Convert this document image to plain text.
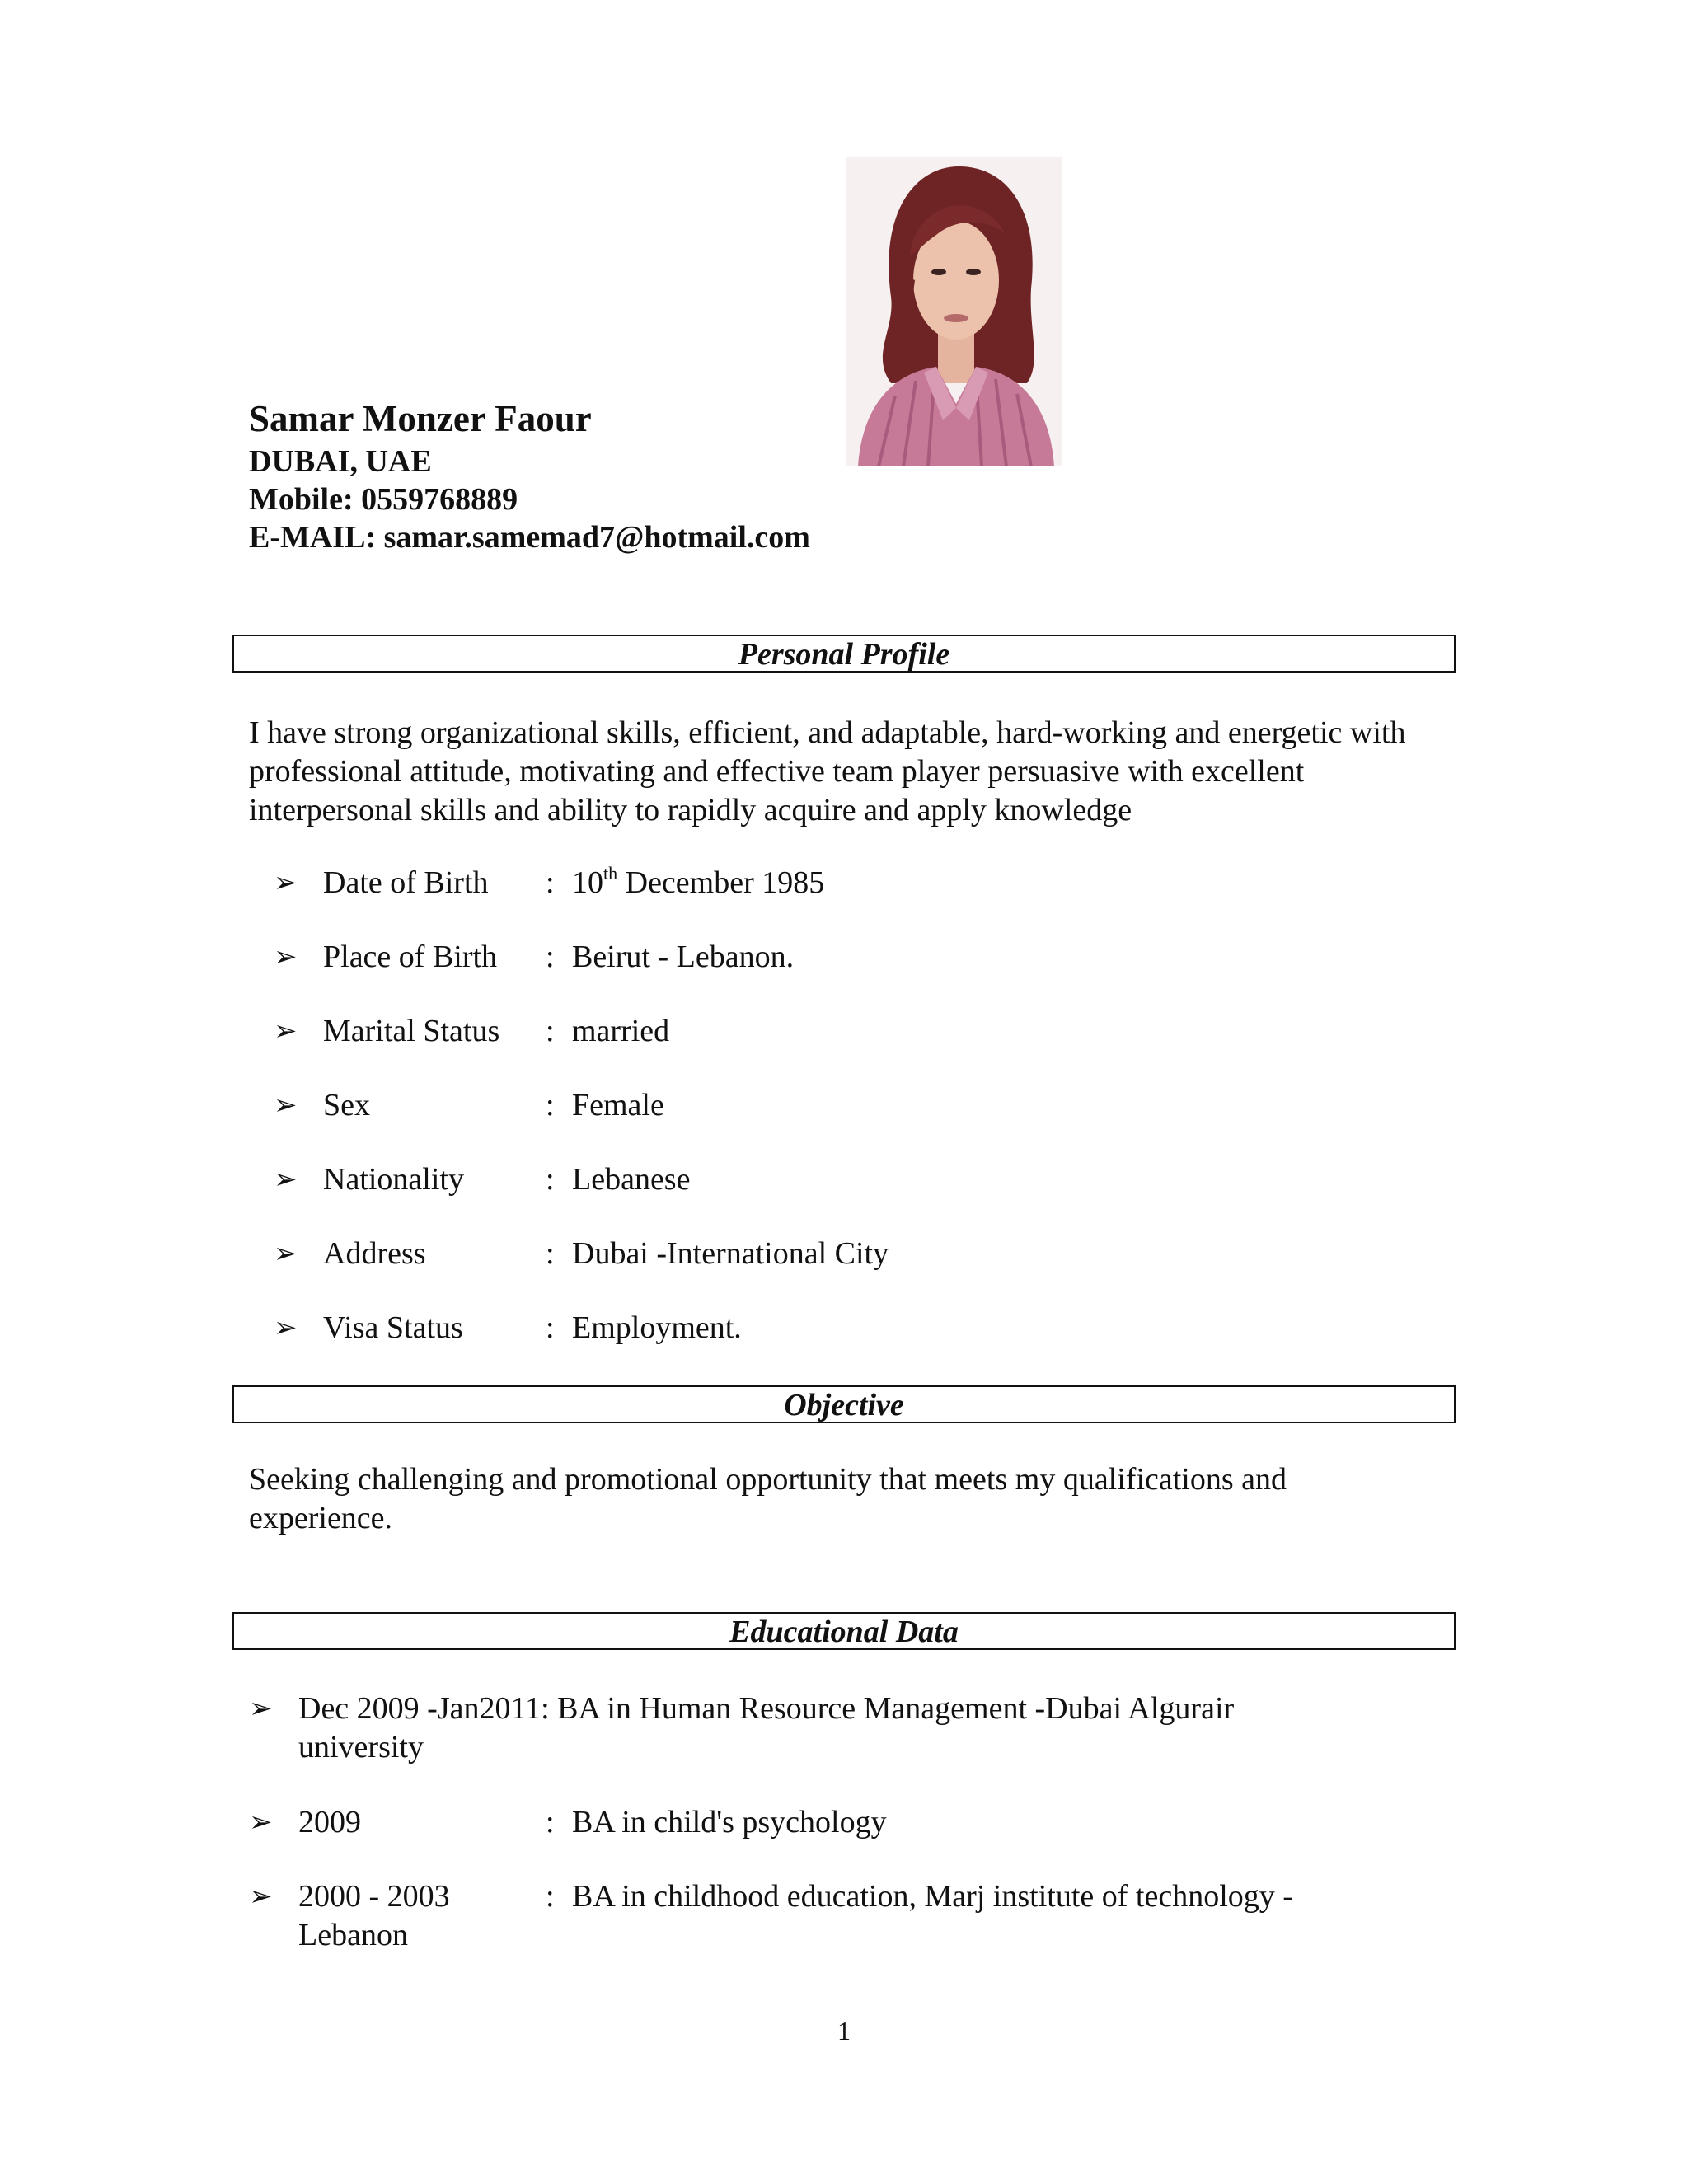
Samar Monzer Faour
DUBAI, UAE
Mobile: 0559768889
E-MAIL: samar.samemad7@hotmail.com
Personal Profile
I have strong organizational skills, efficient, and adaptable, hard-working and energetic with professional attitude, motivating and effective team player persuasive with excellent interpersonal skills and ability to rapidly acquire and apply knowledge
➢ Date of Birth : 10th December 1985
➢ Place of Birth : Beirut - Lebanon.
➢ Marital Status : married
➢ Sex	: Female
➢ Nationality	: Lebanese
➢ Address	: Dubai -International City
➢ Visa Status	: Employment.
Objective
Seeking challenging and promotional opportunity that meets my qualifications and
experience.
Educational Data
➢ Dec 2009 -Jan2011: BA in Human Resource Management -Dubai Algurair
university
➢ 2009	: BA in child's psychology
➢ 2000 - 2003	: BA in childhood education, Marj institute of technology -
Lebanon
1
